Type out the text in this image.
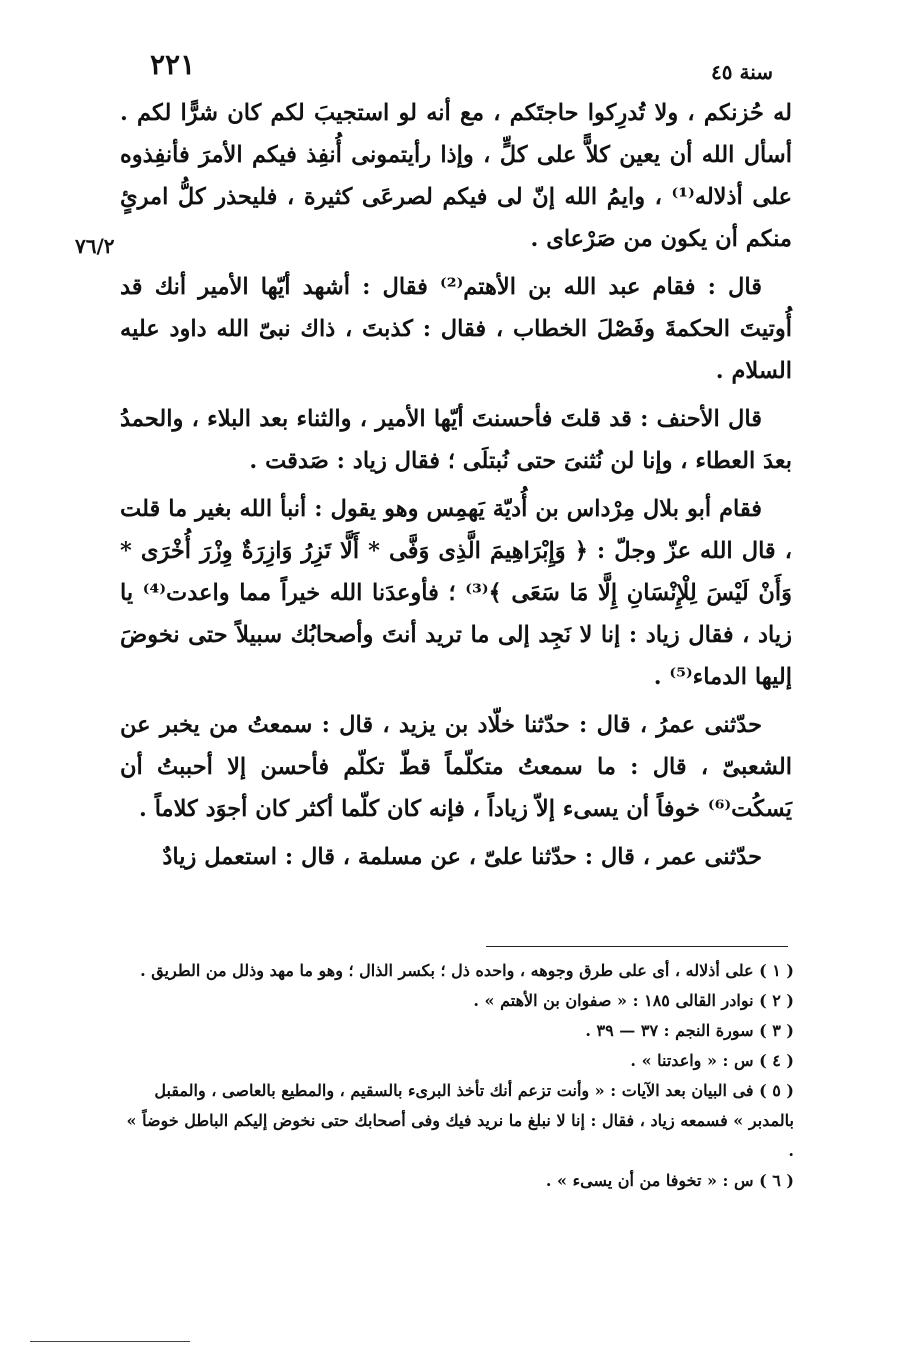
٢٢١	سنة ٤٥
٧٦/٢

له حُزنكم ، ولا تُدرِكوا حاجتَكم ، مع أنه لو استجيبَ لكم كان شرًّا لكم . أسأل الله أن يعين كلاًّ على كلٍّ ، وإذا رأيتمونى أُنفِذ فيكم الأمرَ فأنفِذوه على أذلاله⁽¹⁾ ، وايمُ الله إنّ لى فيكم لصرعَى كثيرة ، فليحذر كلُّ امرئٍ منكم أن يكون من صَرْعاى .

قال : فقام عبد الله بن الأهتم⁽²⁾ فقال : أشهد أيّها الأمير أنك قد أُوتيتَ الحكمةَ وفَصْلَ الخطاب ، فقال : كذبتَ ، ذاك نبىّ الله داود عليه السلام .

قال الأحنف : قد قلتَ فأحسنتَ أيّها الأمير ، والثناء بعد البلاء ، والحمدُ بعدَ العطاء ، وإنا لن نُثنىَ حتى نُبتلَى ؛ فقال زياد : صَدقت .

فقام أبو بلال مِرْداس بن أُديّة يَهمِس وهو يقول : أنبأ الله بغير ما قلت ، قال الله عزّ وجلّ : ﴿ وَإِبْرَاهِيمَ الَّذِى وَفَّى * أَلَّا تَزِرُ وَازِرَةٌ وِزْرَ أُخْرَى * وَأَنْ لَيْسَ لِلْإِنْسَانِ إِلَّا مَا سَعَى ﴾⁽³⁾ ؛ فأوعدَنا الله خيراً مما واعدت⁽⁴⁾ يا زياد ، فقال زياد : إنا لا نَجِد إلى ما تريد أنتَ وأصحابُك سبيلاً حتى نخوضَ إليها الدماء⁽⁵⁾ .

حدّثنى عمرُ ، قال : حدّثنا خلّاد بن يزيد ، قال : سمعتُ من يخبر عن الشعبىّ ، قال : ما سمعتُ متكلّماً قطّ تكلّم فأحسن إلا أحببتُ أن يَسكُت⁽⁶⁾ خوفاً أن يسىء إلاّ زياداً ، فإنه كان كلّما أكثر كان أجوَد كلاماً .

حدّثنى عمر ، قال : حدّثنا علىّ ، عن مسلمة ، قال : استعمل زيادٌ

( ١ ) على أذلاله ، أى على طرق وجوهه ، واحده ذل ؛ بكسر الذال ؛ وهو ما مهد وذلل من الطريق .
( ٢ ) نوادر القالى ١٨٥ : « صفوان بن الأهتم » .
( ٣ ) سورة النجم : ٣٧ — ٣٩ .
( ٤ ) س : « واعدتنا » .
( ٥ ) فى البيان بعد الآيات : « وأنت تزعم أنك تأخذ البرىء بالسقيم ، والمطيع بالعاصى ، والمقبل بالمدبر » فسمعه زياد ، فقال : إنا لا نبلغ ما نريد فيك وفى أصحابك حتى نخوض إليكم الباطل خوضاً » .
( ٦ ) س : « تخوفا من أن يسىء » .
